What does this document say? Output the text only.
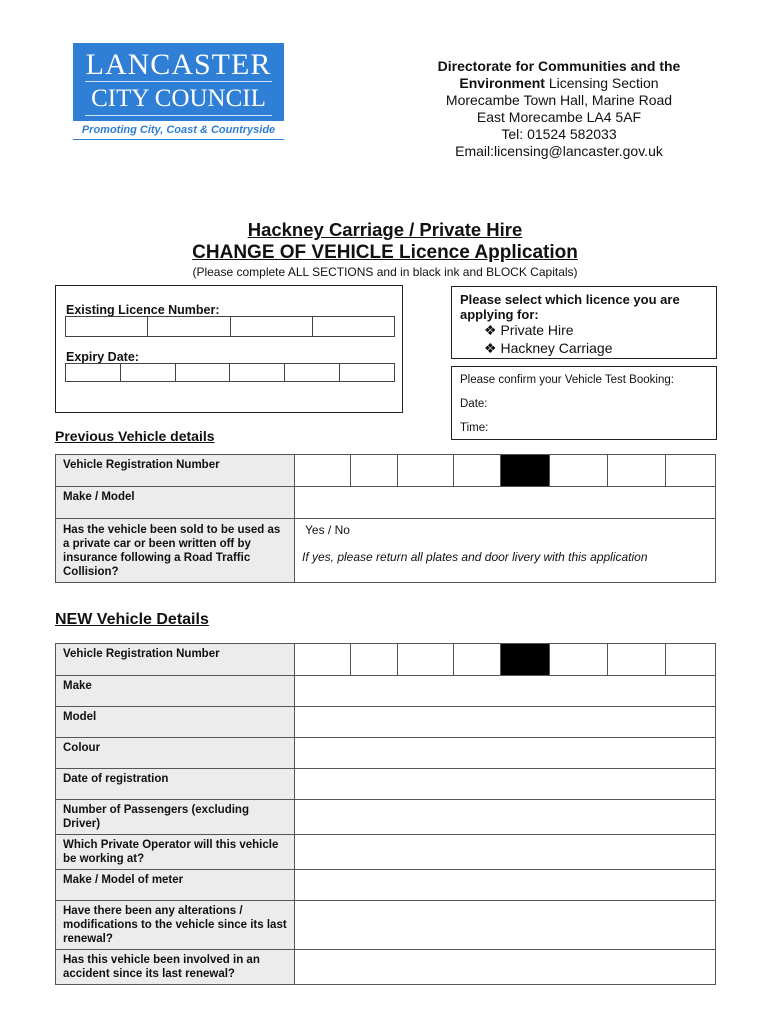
LANCASTER
CITY COUNCIL
Promoting City, Coast & Countryside
Directorate for Communities and the Environment Licensing Section Morecambe Town Hall, Marine Road East Morecambe LA4 5AF
Tel: 01524 582033
Email:licensing@lancaster.gov.uk
Hackney Carriage / Private Hire
CHANGE OF VEHICLE Licence Application
(Please complete ALL SECTIONS and in black ink and BLOCK Capitals)
Existing Licence Number:
Expiry Date:
Please select which licence you are applying for:
❖ Private Hire
❖ Hackney Carriage
Please confirm your Vehicle Test Booking:
Date:
Time:
Previous Vehicle details
Vehicle Registration Number	

Make / Model	
Has the vehicle been sold to be used as a private car or been written off by insurance following a Road Traffic Collision?	Yes / No
If yes, please return all plates and door livery with this application
NEW Vehicle Details
Vehicle Registration Number	

Make	
Model	
Colour	
Date of registration	
Number of Passengers (excluding Driver)	
Which Private Operator will this vehicle be working at?	
Make / Model of meter	
Have there been any alterations / modifications to the vehicle since its last renewal?	
Has this vehicle been involved in an accident since its last renewal?	
